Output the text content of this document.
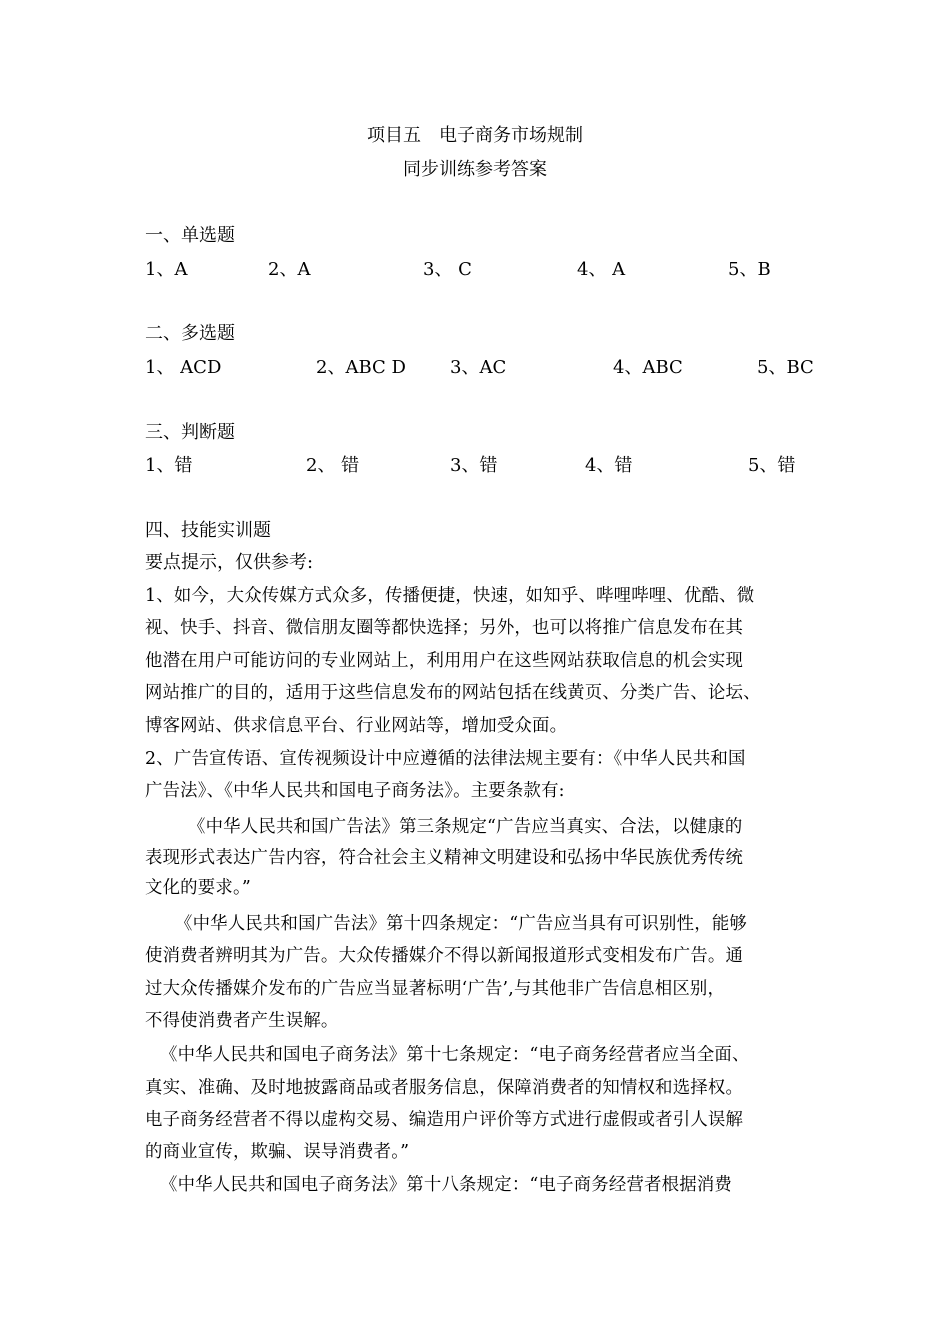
项目五　电子商务市场规制
同步训练参考答案
一、单选题
1、A	2、A	3、 C	4、 A	5、B
二、多选题
1、 ACD	2、ABC D 3、AC	4、ABC	5、BC
三、判断题
1、错	2、 错	3、错	4、错	5、错
四、技能实训题
要点提示，仅供参考:
1、如今，大众传媒方式众多，传播便捷，快速，如知乎、哔哩哔哩、优酷、微
视、快手、抖音、微信朋友圈等都快选择；另外，也可以将推广信息发布在其
他潜在用户可能访问的专业网站上，利用用户在这些网站获取信息的机会实现
网站推广的目的，适用于这些信息发布的网站包括在线黄页、分类广告、论坛、
博客网站、供求信息平台、行业网站等，增加受众面。
2、广告宣传语、宣传视频设计中应遵循的法律法规主要有：《中华人民共和国
广告法》、《中华人民共和国电子商务法》。主要条款有:
《中华人民共和国广告法》第三条规定“广告应当真实、合法，以健康的
表现形式表达广告内容，符合社会主义精神文明建设和弘扬中华民族优秀传统
文化的要求。”
《中华人民共和国广告法》第十四条规定：“广告应当具有可识别性，能够
使消费者辨明其为广告。大众传播媒介不得以新闻报道形式变相发布广告。通
过大众传播媒介发布的广告应当显著标明‘广告’,与其他非广告信息相区别，
不得使消费者产生误解。
《中华人民共和国电子商务法》第十七条规定：“电子商务经营者应当全面、
真实、准确、及时地披露商品或者服务信息，保障消费者的知情权和选择权。
电子商务经营者不得以虚构交易、编造用户评价等方式进行虚假或者引人误解
的商业宣传，欺骗、误导消费者。”
《中华人民共和国电子商务法》第十八条规定：“电子商务经营者根据消费
